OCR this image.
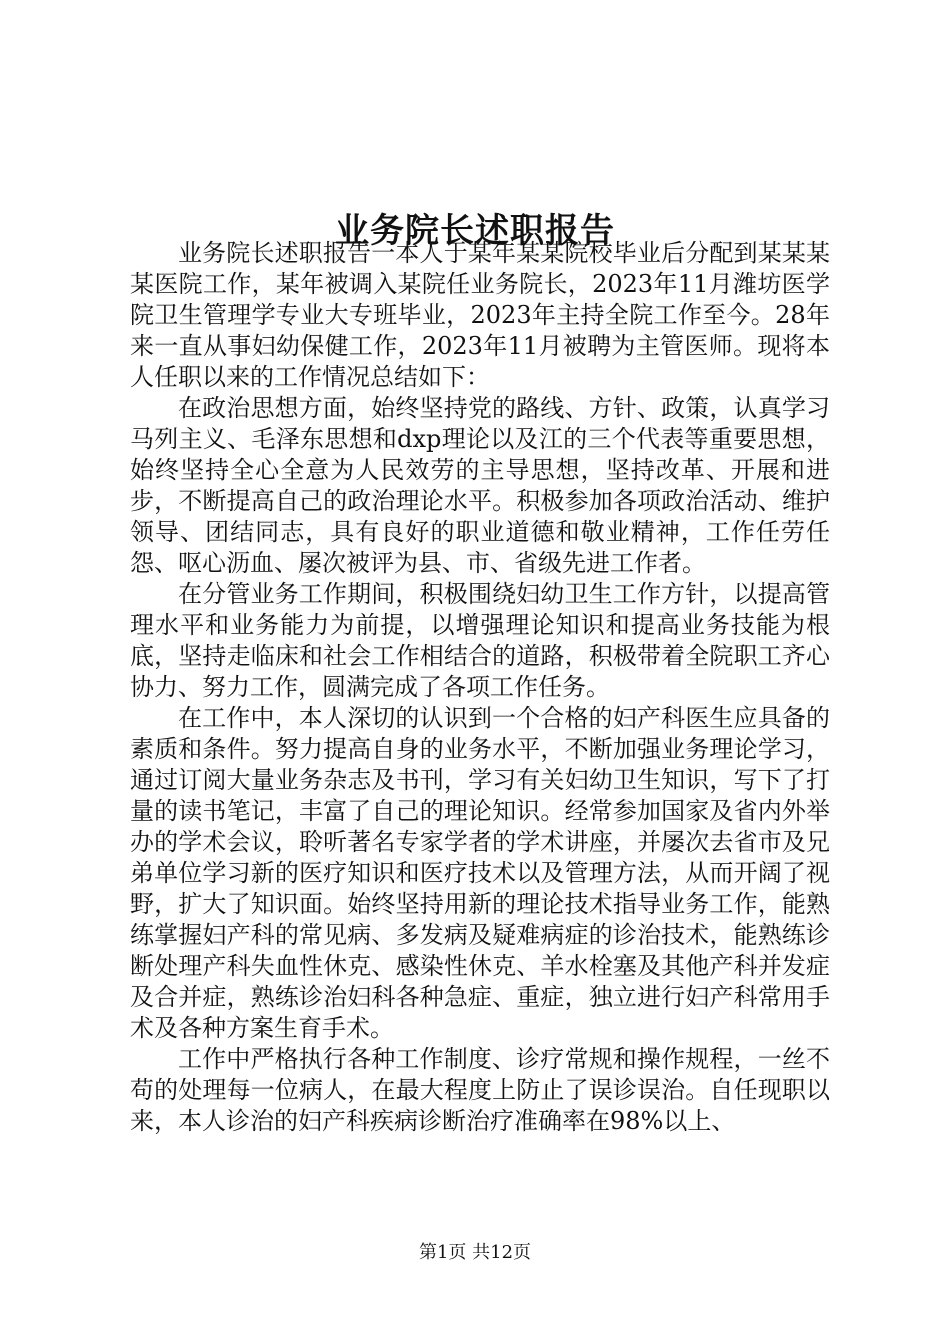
业务院长述职报告

业务院长述职报告一本人于某年某某院校毕业后分配到某某某某医院工作，某年被调入某院任业务院长，2023年11月潍坊医学院卫生管理学专业大专班毕业，2023年主持全院工作至今。28年来一直从事妇幼保健工作，2023年11月被聘为主管医师。现将本人任职以来的工作情况总结如下：

在政治思想方面，始终坚持党的路线、方针、政策，认真学习马列主义、毛泽东思想和dxp理论以及江的三个代表等重要思想，始终坚持全心全意为人民效劳的主导思想，坚持改革、开展和进步，不断提高自己的政治理论水平。积极参加各项政治活动、维护领导、团结同志，具有良好的职业道德和敬业精神，工作任劳任怨、呕心沥血、屡次被评为县、市、省级先进工作者。

在分管业务工作期间，积极围绕妇幼卫生工作方针，以提高管理水平和业务能力为前提，以增强理论知识和提高业务技能为根底，坚持走临床和社会工作相结合的道路，积极带着全院职工齐心协力、努力工作，圆满完成了各项工作任务。

在工作中，本人深切的认识到一个合格的妇产科医生应具备的素质和条件。努力提高自身的业务水平，不断加强业务理论学习，通过订阅大量业务杂志及书刊，学习有关妇幼卫生知识，写下了打量的读书笔记，丰富了自己的理论知识。经常参加国家及省内外举办的学术会议，聆听著名专家学者的学术讲座，并屡次去省市及兄弟单位学习新的医疗知识和医疗技术以及管理方法，从而开阔了视野，扩大了知识面。始终坚持用新的理论技术指导业务工作，能熟练掌握妇产科的常见病、多发病及疑难病症的诊治技术，能熟练诊断处理产科失血性休克、感染性休克、羊水栓塞及其他产科并发症及合并症，熟练诊治妇科各种急症、重症，独立进行妇产科常用手术及各种方案生育手术。

工作中严格执行各种工作制度、诊疗常规和操作规程，一丝不苟的处理每一位病人，在最大程度上防止了误诊误治。自任现职以来，本人诊治的妇产科疾病诊断治疗准确率在98%以上、

第1页 共12页
